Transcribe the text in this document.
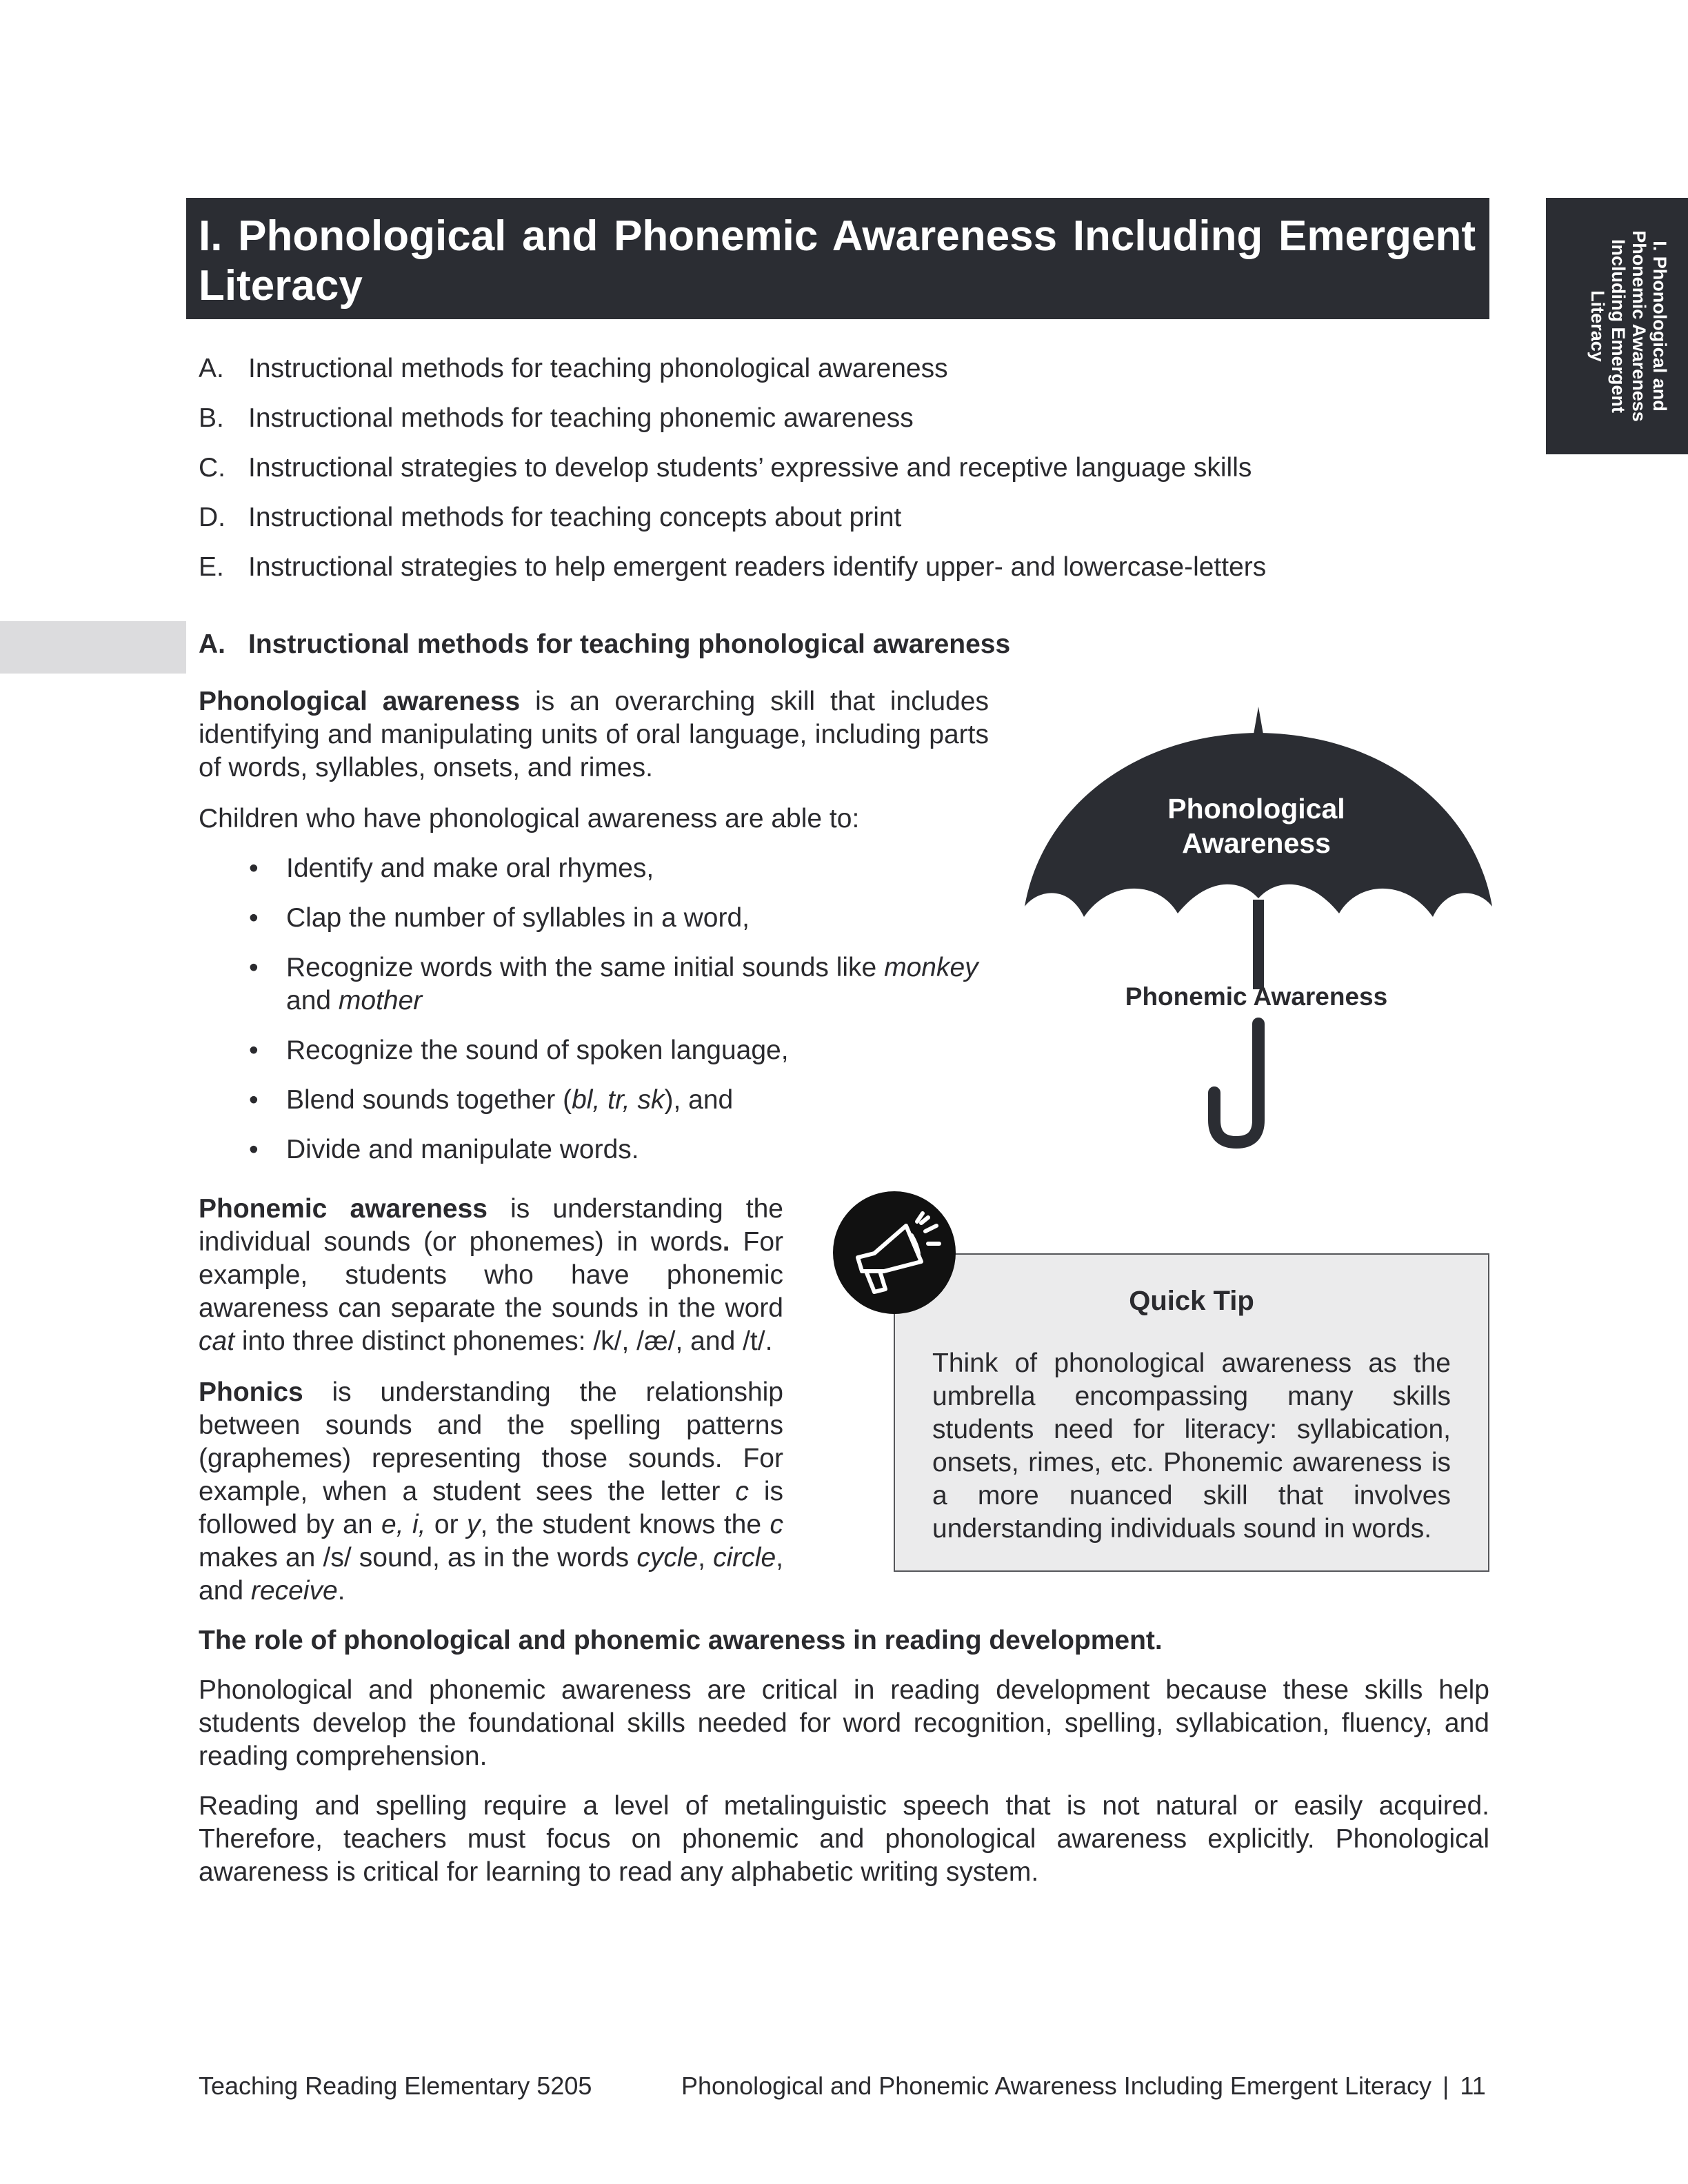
I. Phonological and Phonemic Awareness Including Emergent Literacy	I. Phonological and Phonemic Awareness Including Emergent Literacy
A. Instructional methods for teaching phonological awareness
B. Instructional methods for teaching phonemic awareness
C. Instructional strategies to develop students’ expressive and receptive language skills
D. Instructional methods for teaching concepts about print
E. Instructional strategies to help emergent readers identify upper- and lowercase-letters
A. Instructional methods for teaching phonological awareness

Phonological awareness is an overarching skill that includes identifying and manipulating units of oral language, including parts of words, syllables, onsets, and rimes.

Children who have phonological awareness are able to:

• Identify and make oral rhymes,
• Clap the number of syllables in a word,
• Recognize words with the same initial sounds like monkey
and mother
• Recognize the sound of spoken language,
• Blend sounds together (bl, tr, sk), and
• Divide and manipulate words.

Phonemic awareness is understanding the individual sounds (or phonemes) in words. For example, students who have phonemic awareness can separate the sounds in the word cat into three distinct phonemes: /k/, /æ/, and /t/.

Phonics is understanding the relationship between sounds and the spelling patterns (graphemes) representing those sounds. For example, when a student sees the letter c is followed by an e, i, or y, the student knows the c makes an /s/ sound, as in the words cycle, circle, and receive.

Phonological
Awareness
Phonemic Awareness
Quick Tip

Think of phonological awareness as the umbrella encompassing many skills students need for literacy: syllabication, onsets, rimes, etc. Phonemic awareness is a more nuanced skill that involves understanding individuals sound in words.

The role of phonological and phonemic awareness in reading development.

Phonological and phonemic awareness are critical in reading development because these skills help students develop the foundational skills needed for word recognition, spelling, syllabication, fluency, and reading comprehension.

Reading and spelling require a level of metalinguistic speech that is not natural or easily acquired. Therefore, teachers must focus on phonemic and phonological awareness explicitly. Phonological awareness is critical for learning to read any alphabetic writing system.

Teaching Reading Elementary 5205	Phonological and Phonemic Awareness Including Emergent Literacy | 11
